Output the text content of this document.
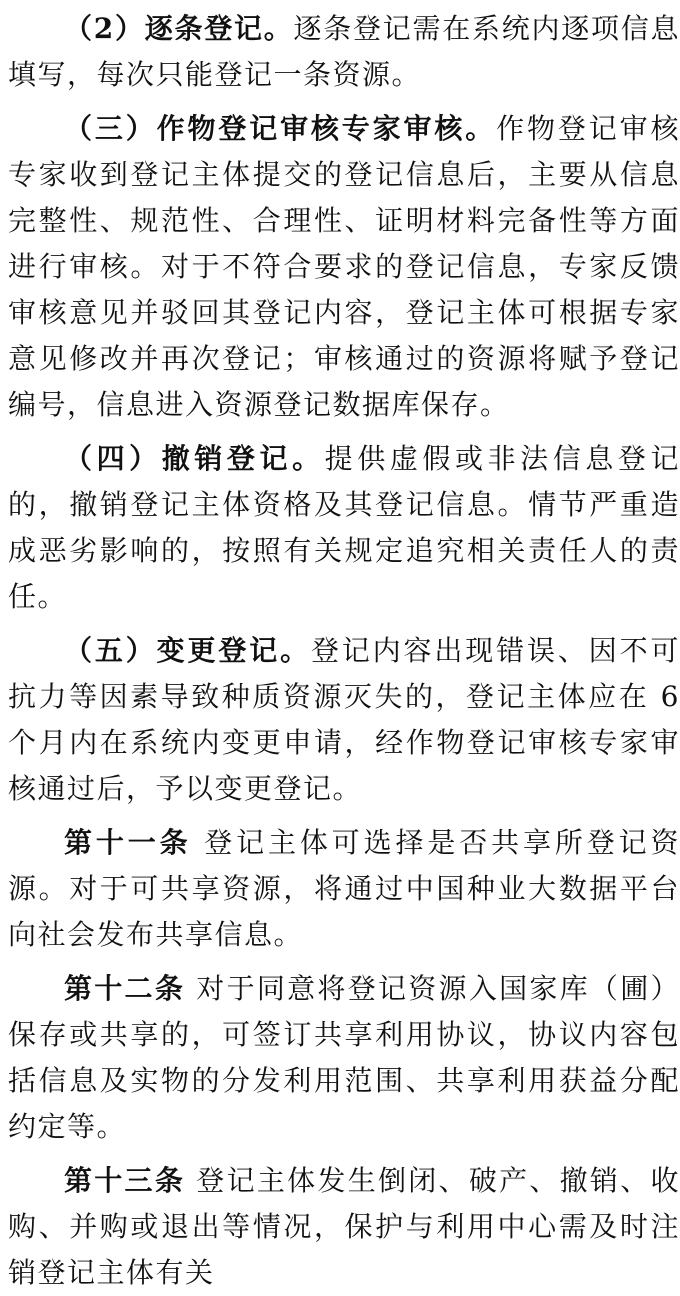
（2）逐条登记。逐条登记需在系统内逐项信息填写，每次只能登记一条资源。

（三）作物登记审核专家审核。作物登记审核专家收到登记主体提交的登记信息后，主要从信息完整性、规范性、合理性、证明材料完备性等方面进行审核。对于不符合要求的登记信息，专家反馈审核意见并驳回其登记内容，登记主体可根据专家意见修改并再次登记；审核通过的资源将赋予登记编号，信息进入资源登记数据库保存。

（四）撤销登记。提供虚假或非法信息登记的，撤销登记主体资格及其登记信息。情节严重造成恶劣影响的，按照有关规定追究相关责任人的责任。

（五）变更登记。登记内容出现错误、因不可抗力等因素导致种质资源灭失的，登记主体应在 6 个月内在系统内变更申请，经作物登记审核专家审核通过后，予以变更登记。

第十一条 登记主体可选择是否共享所登记资源。对于可共享资源，将通过中国种业大数据平台向社会发布共享信息。

第十二条 对于同意将登记资源入国家库（圃）保存或共享的，可签订共享利用协议，协议内容包括信息及实物的分发利用范围、共享利用获益分配约定等。

第十三条 登记主体发生倒闭、破产、撤销、收购、并购或退出等情况，保护与利用中心需及时注销登记主体有关
